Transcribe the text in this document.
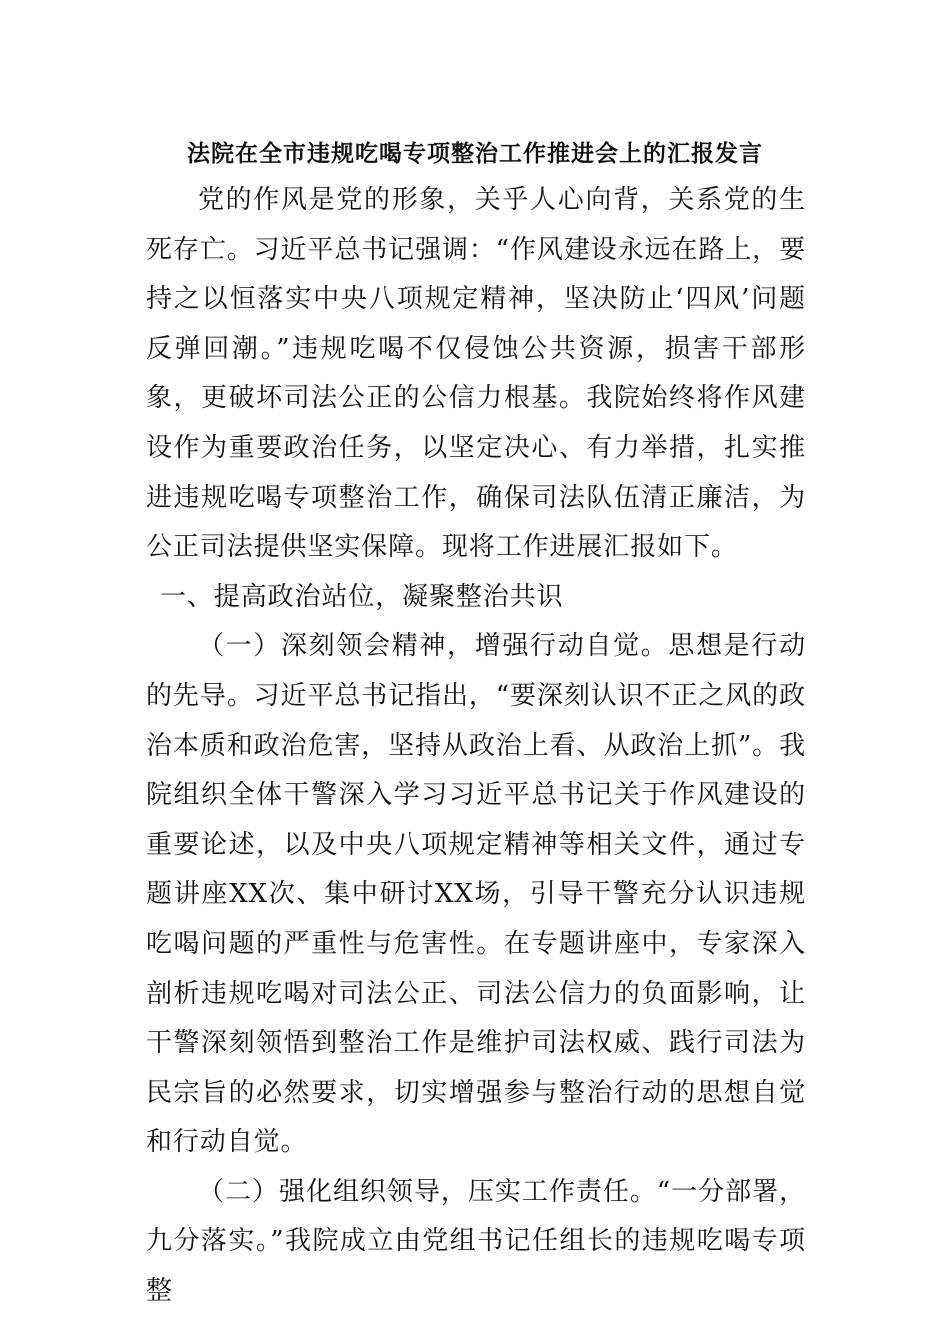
法院在全市违规吃喝专项整治工作推进会上的汇报发言

党的作风是党的形象，关乎人心向背，关系党的生死存亡。习近平总书记强调：“作风建设永远在路上，要持之以恒落实中央八项规定精神，坚决防止‘四风’问题反弹回潮。”违规吃喝不仅侵蚀公共资源，损害干部形象，更破坏司法公正的公信力根基。我院始终将作风建设作为重要政治任务，以坚定决心、有力举措，扎实推进违规吃喝专项整治工作，确保司法队伍清正廉洁，为公正司法提供坚实保障。现将工作进展汇报如下。

一、提高政治站位，凝聚整治共识

（一）深刻领会精神，增强行动自觉。思想是行动的先导。习近平总书记指出，“要深刻认识不正之风的政治本质和政治危害，坚持从政治上看、从政治上抓”。我院组织全体干警深入学习习近平总书记关于作风建设的重要论述，以及中央八项规定精神等相关文件，通过专题讲座XX次、集中研讨XX场，引导干警充分认识违规吃喝问题的严重性与危害性。在专题讲座中，专家深入剖析违规吃喝对司法公正、司法公信力的负面影响，让干警深刻领悟到整治工作是维护司法权威、践行司法为民宗旨的必然要求，切实增强参与整治行动的思想自觉和行动自觉。

（二）强化组织领导，压实工作责任。“一分部署，九分落实。”我院成立由党组书记任组长的违规吃喝专项整
